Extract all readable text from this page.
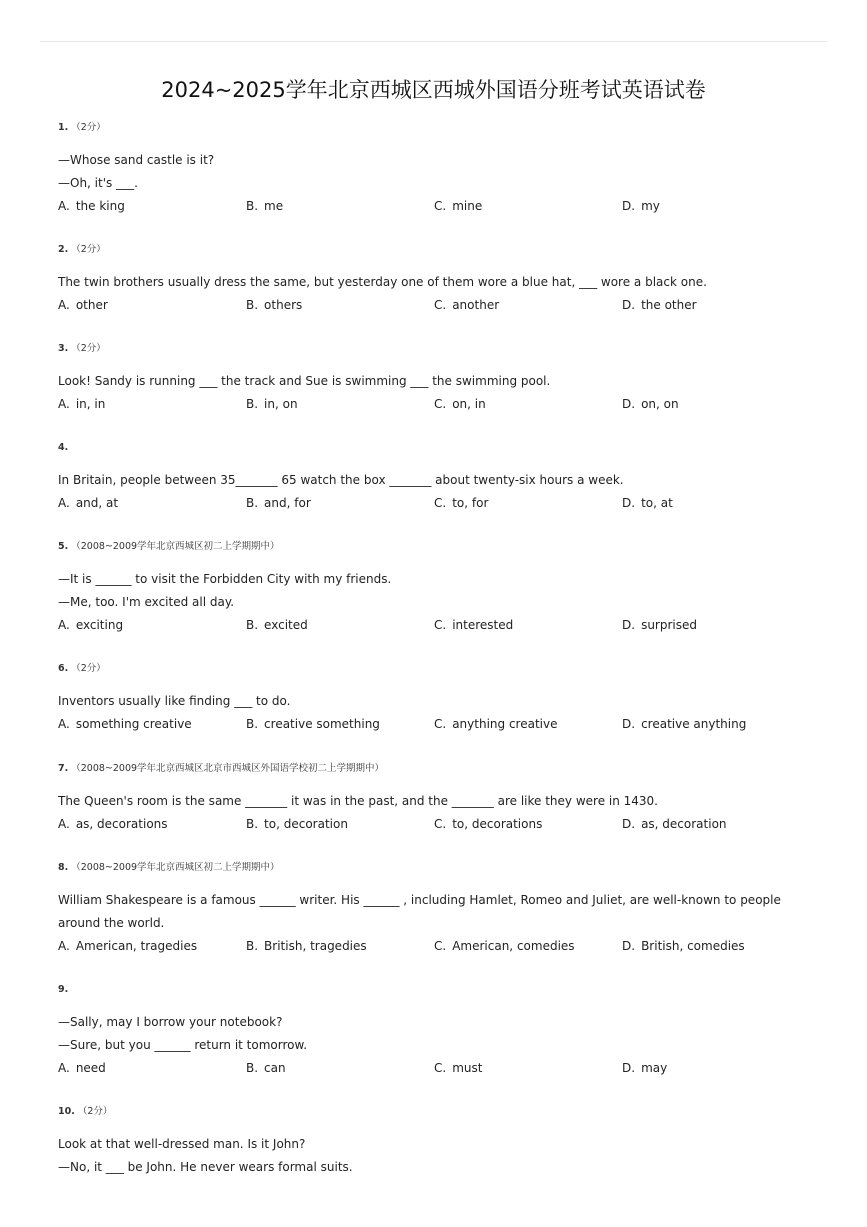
2024~2025学年北京西城区西城外国语分班考试英语试卷
1. （2分）
—Whose sand castle is it?
—Oh, it's ___.
A. the king	B. me	C. mine	D. my
2. （2分）
The twin brothers usually dress the same, but yesterday one of them wore a blue hat, ___ wore a black one.
A. other	B. others	C. another	D. the other
3. （2分）
Look! Sandy is running ___ the track and Sue is swimming ___ the swimming pool.
A. in, in	B. in, on	C. on, in	D. on, on
4.
In Britain, people between 35_______ 65 watch the box _______ about twenty-six hours a week.
A. and, at	B. and, for	C. to, for	D. to, at
5. （2008~2009学年北京西城区初二上学期期中）
—It is ______ to visit the Forbidden City with my friends.
—Me, too. I'm excited all day.
A. exciting	B. excited	C. interested	D. surprised
6. （2分）
Inventors usually like finding ___ to do.
A. something creative	B. creative something	C. anything creative	D. creative anything
7. （2008~2009学年北京西城区北京市西城区外国语学校初二上学期期中）
The Queen's room is the same _______ it was in the past, and the _______ are like they were in 1430.
A. as, decorations	B. to, decoration	C. to, decorations	D. as, decoration
8. （2008~2009学年北京西城区初二上学期期中）
William Shakespeare is a famous ______ writer. His ______ , including Hamlet, Romeo and Juliet, are well-known to people around the world.
A. American, tragedies	B. British, tragedies	C. American, comedies	D. British, comedies
9.
—Sally, may I borrow your notebook?
—Sure, but you ______ return it tomorrow.
A. need	B. can	C. must	D. may
10. （2分）
Look at that well-dressed man. Is it John?
—No, it ___ be John. He never wears formal suits.
